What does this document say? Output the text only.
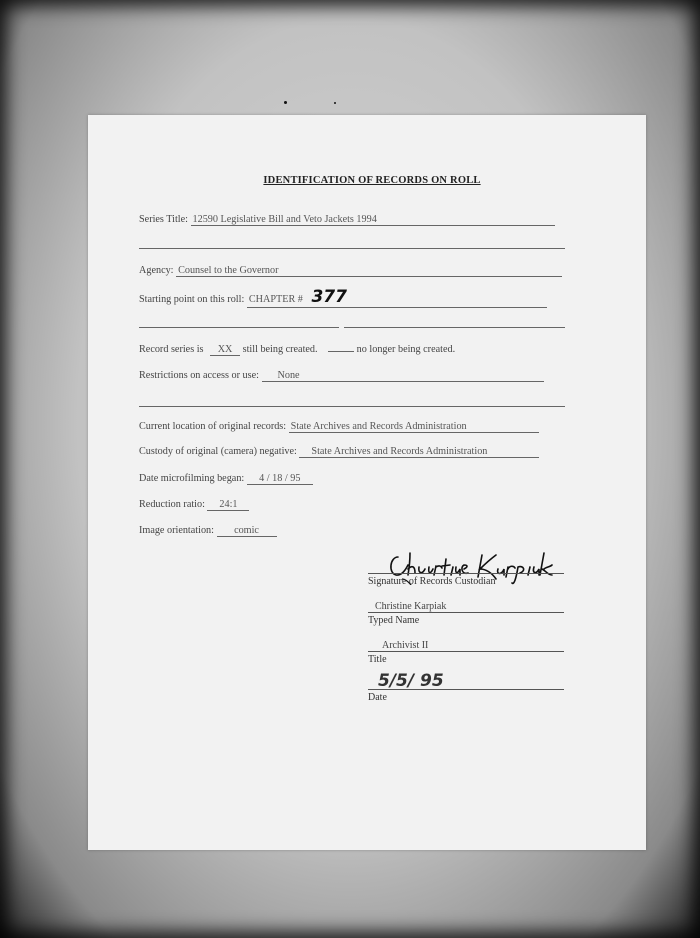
IDENTIFICATION OF RECORDS ON ROLL
Series Title: 12590 Legislative Bill and Veto Jackets 1994
Agency: Counsel to the Governor
Starting point on this roll: CHAPTER # 377
Record series is XX still being created.	no longer being created.
Restrictions on access or use: None
Current location of original records: State Archives and Records Administration
Custody of original (camera) negative: State Archives and Records Administration
Date microfilming began: 4 / 18 / 95
Reduction ratio: 24:1
Image orientation: comic
Signature of Records Custodian
Christine Karpiak
Typed Name
Archivist II
Title
5/5/ 95
Date
